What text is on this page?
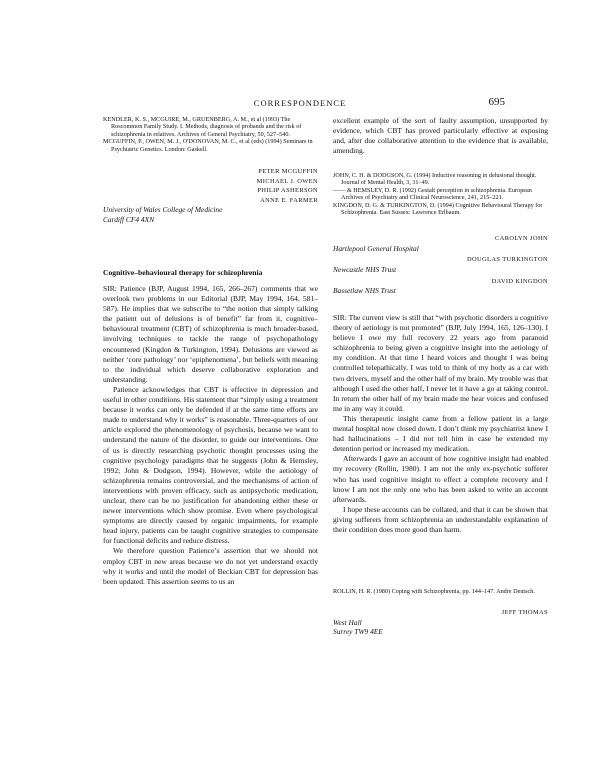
CORRESPONDENCE	695

KENDLER, K. S., MCGUIRE, M., GRUENBERG, A. M., et al (1993) The Roscommon Family Study. I. Methods, diagnosis of probands and the risk of schizophrenia in relatives. Archives of General Psychiatry, 50, 527–540.

MCGUFFIN, P., OWEN, M. J., O'DONOVAN, M. C., et al (eds) (1994) Seminars in Psychiatric Genetics. London: Gaskell.

PETER MCGUFFIN

MICHAEL J. OWEN

PHILIP ASHERSON

ANNE E. FARMER

University of Wales College of Medicine

Cardiff CF4 4XN

Cognitive–behavioural therapy for schizophrenia

SIR: Patience (BJP, August 1994, 165, 266–267) comments that we overlook two problems in our Editorial (BJP, May 1994, 164, 581–587). He implies that we subscribe to “the notion that simply talking the patient out of delusions is of benefit” far from it, cognitive–behavioural treatment (CBT) of schizophrenia is much broader-based, involving techniques to tackle the range of psychopathology encountered (Kingdon & Turkington, 1994). Delusions are viewed as neither ‘core pathology’ nor ‘epiphenomena’, but beliefs with meaning to the individual which deserve collaborative exploration and understanding.

Patience acknowledges that CBT is effective in depression and useful in other conditions. His statement that “simply using a treatment because it works can only be defended if at the same time efforts are made to understand why it works” is reasonable. Three-quarters of our article explored the phenomenology of psychosis, because we want to understand the nature of the disorder, to guide our interventions. One of us is directly researching psychotic thought processes using the cognitive psychology paradigms that he suggests (John & Hemsley, 1992; John & Dodgson, 1994). However, while the aetiology of schizophrenia remains controversial, and the mechanisms of action of interventions with proven efficacy, such as antipsychotic medication, unclear, there can be no justification for abandoning either these or newer interventions which show promise. Even where psychological symptoms are directly caused by organic impairments, for example head injury, patients can be taught cognitive strategies to compensate for functional deficits and reduce distress.

We therefore question Patience’s assertion that we should not employ CBT in new areas because we do not yet understand exactly why it works and until the model of Beckian CBT for depression has been updated. This assertion seems to us an

excellent example of the sort of faulty assumption, unsupported by evidence, which CBT has proved particularly effective at exposing and, after due collaborative attention to the evidence that is available, amending.

JOHN, C. H. & DODGSON, G. (1994) Inductive reasoning in delusional thought. Journal of Mental Health, 3, 31–49.

—— & HEMSLEY, D. R. (1992) Gestalt perception in schizophrenia. European Archives of Psychiatry and Clinical Neuroscience, 241, 215–221.

KINGDON, D. G. & TURKINGTON, D. (1994) Cognitive Behavioural Therapy for Schizophrenia. East Sussex: Lawrence Erlbaum.

CAROLYN JOHN

Hartlepool General Hospital

DOUGLAS TURKINGTON

Newcastle NHS Trust

DAVID KINGDON

Bassetlaw NHS Trust

SIR: The current view is still that “with psychotic disorders a cognitive theory of aetiology is not promoted” (BJP, July 1994, 165, 126–130). I believe I owe my full recovery 22 years ago from paranoid schizophrenia to being given a cognitive insight into the aetiology of my condition. At that time I heard voices and thought I was being controlled telepathically. I was told to think of my body as a car with two drivers, myself and the other half of my brain. My trouble was that although I used the other half, I never let it have a go at taking control. In return the other half of my brain made me hear voices and confused me in any way it could.

This therapeutic insight came from a fellow patient in a large mental hospital now closed down. I don’t think my psychiatrist knew I had hallucinations – I did not tell him in case he extended my detention period or increased my medication.

Afterwards I gave an account of how cognitive insight had enabled my recovery (Rollin, 1980). I am not the only ex-psychotic sufferer who has used cognitive insight to effect a complete recovery and I know I am not the only one who has been asked to write an account afterwards.

I hope these accounts can be collated, and that it can be shown that giving sufferers from schizophrenia an understandable explanation of their condition does more good than harm.

ROLLIN, H. R. (1980) Coping with Schizophrenia, pp. 144–147. Andre Deutsch.

JEFF THOMAS

West Hall

Surrey TW9 4EE
